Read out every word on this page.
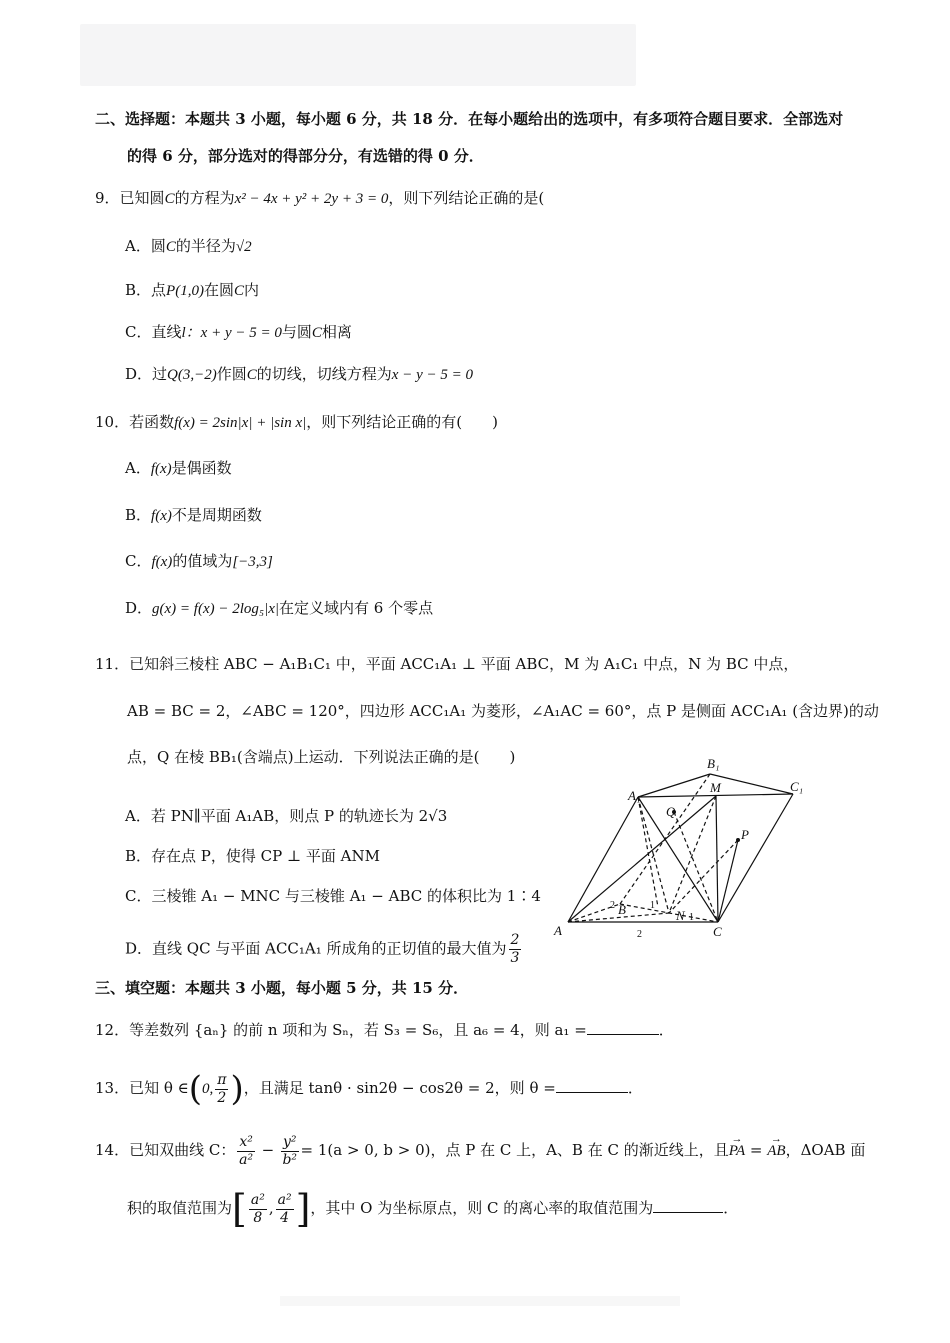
二、选择题：本题共 3 小题，每小题 6 分，共 18 分．在每小题给出的选项中，有多项符合题目要求．全部选对
的得 6 分，部分选对的得部分分，有选错的得 0 分．
9．已知圆C的方程为x² − 4x + y² + 2y + 3 = 0，则下列结论正确的是(
A．圆C的半径为√2
B．点P(1,0)在圆C内
C．直线l：x + y − 5 = 0与圆C相离
D．过Q(3,−2)作圆C的切线，切线方程为x − y − 5 = 0
10．若函数f(x) = 2sin|x| + |sin x|，则下列结论正确的有(　　)
A．f(x)是偶函数
B．f(x)不是周期函数
C．f(x)的值域为[−3,3]
D．g(x) = f(x) − 2log₅|x|在定义域内有 6 个零点
11．已知斜三棱柱 ABC − A₁B₁C₁ 中，平面 ACC₁A₁ ⊥ 平面 ABC，M 为 A₁C₁ 中点，N 为 BC 中点，
AB = BC = 2，∠ABC = 120°，四边形 ACC₁A₁ 为菱形，∠A₁AC = 60°，点 P 是侧面 ACC₁A₁ (含边界)的动
点，Q 在棱 BB₁(含端点)上运动．下列说法正确的是(　　)
A．若 PN∥平面 A₁AB，则点 P 的轨迹长为 2√3
B．存在点 P，使得 CP ⊥ 平面 ANM
C．三棱锥 A₁ − MNC 与三棱锥 A₁ − ABC 的体积比为 1∶4
D．直线 QC 与平面 ACC₁A₁ 所成角的正切值的最大值为 $\frac{2}{3}$
B₁
C₁
A₁
M
Q
P
A
B	N
C
2
2	1
1
三、填空题：本题共 3 小题，每小题 5 分，共 15 分．
12．等差数列 {aₙ} 的前 n 项和为 Sₙ，若 S₃ = S₆，且 a₆ = 4，则 a₁ =	．
13．已知 θ ∈(0, $\frac{\pi}{2}$ )，且满足 tanθ · sin2θ − cos2θ = 2，则 θ =	．
14．已知双曲线 C： $\frac{\text{x²}}{\text{a²}} - \frac{\text{y²}}{\text{b²}} = 1(a > 0$, b > 0)，点 P 在 C 上，A、B 在 C 的渐近线上，且→ PA = → AB，ΔOAB 面
积的取值范围为[ $\frac{\text{a²}}{8}$ , $\frac{\text{a²}}{4}$ ]，其中 O 为坐标原点，则 C 的离心率的取值范围为	．
